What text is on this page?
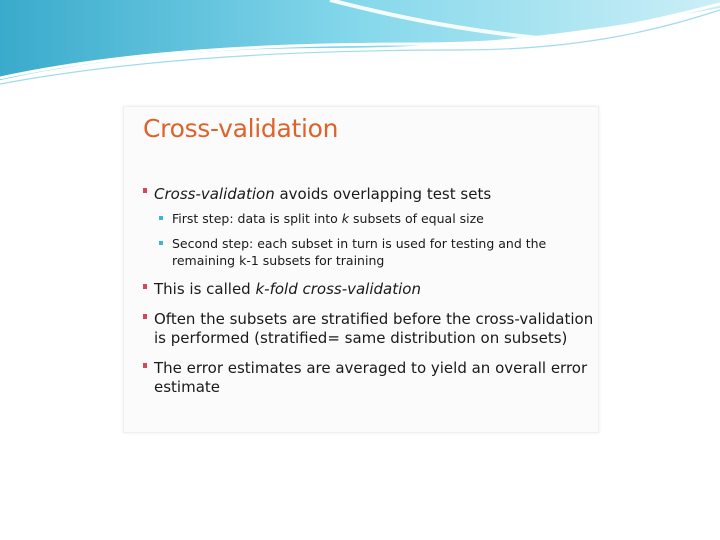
Cross-validation
Cross-validation avoids overlapping test sets
First step: data is split into k subsets of equal size
Second step: each subset in turn is used for testing and the
remaining k-1 subsets for training
This is called k-fold cross-validation
Often the subsets are stratified before the cross-validation
is performed (stratified= same distribution on subsets)
The error estimates are averaged to yield an overall error
estimate
